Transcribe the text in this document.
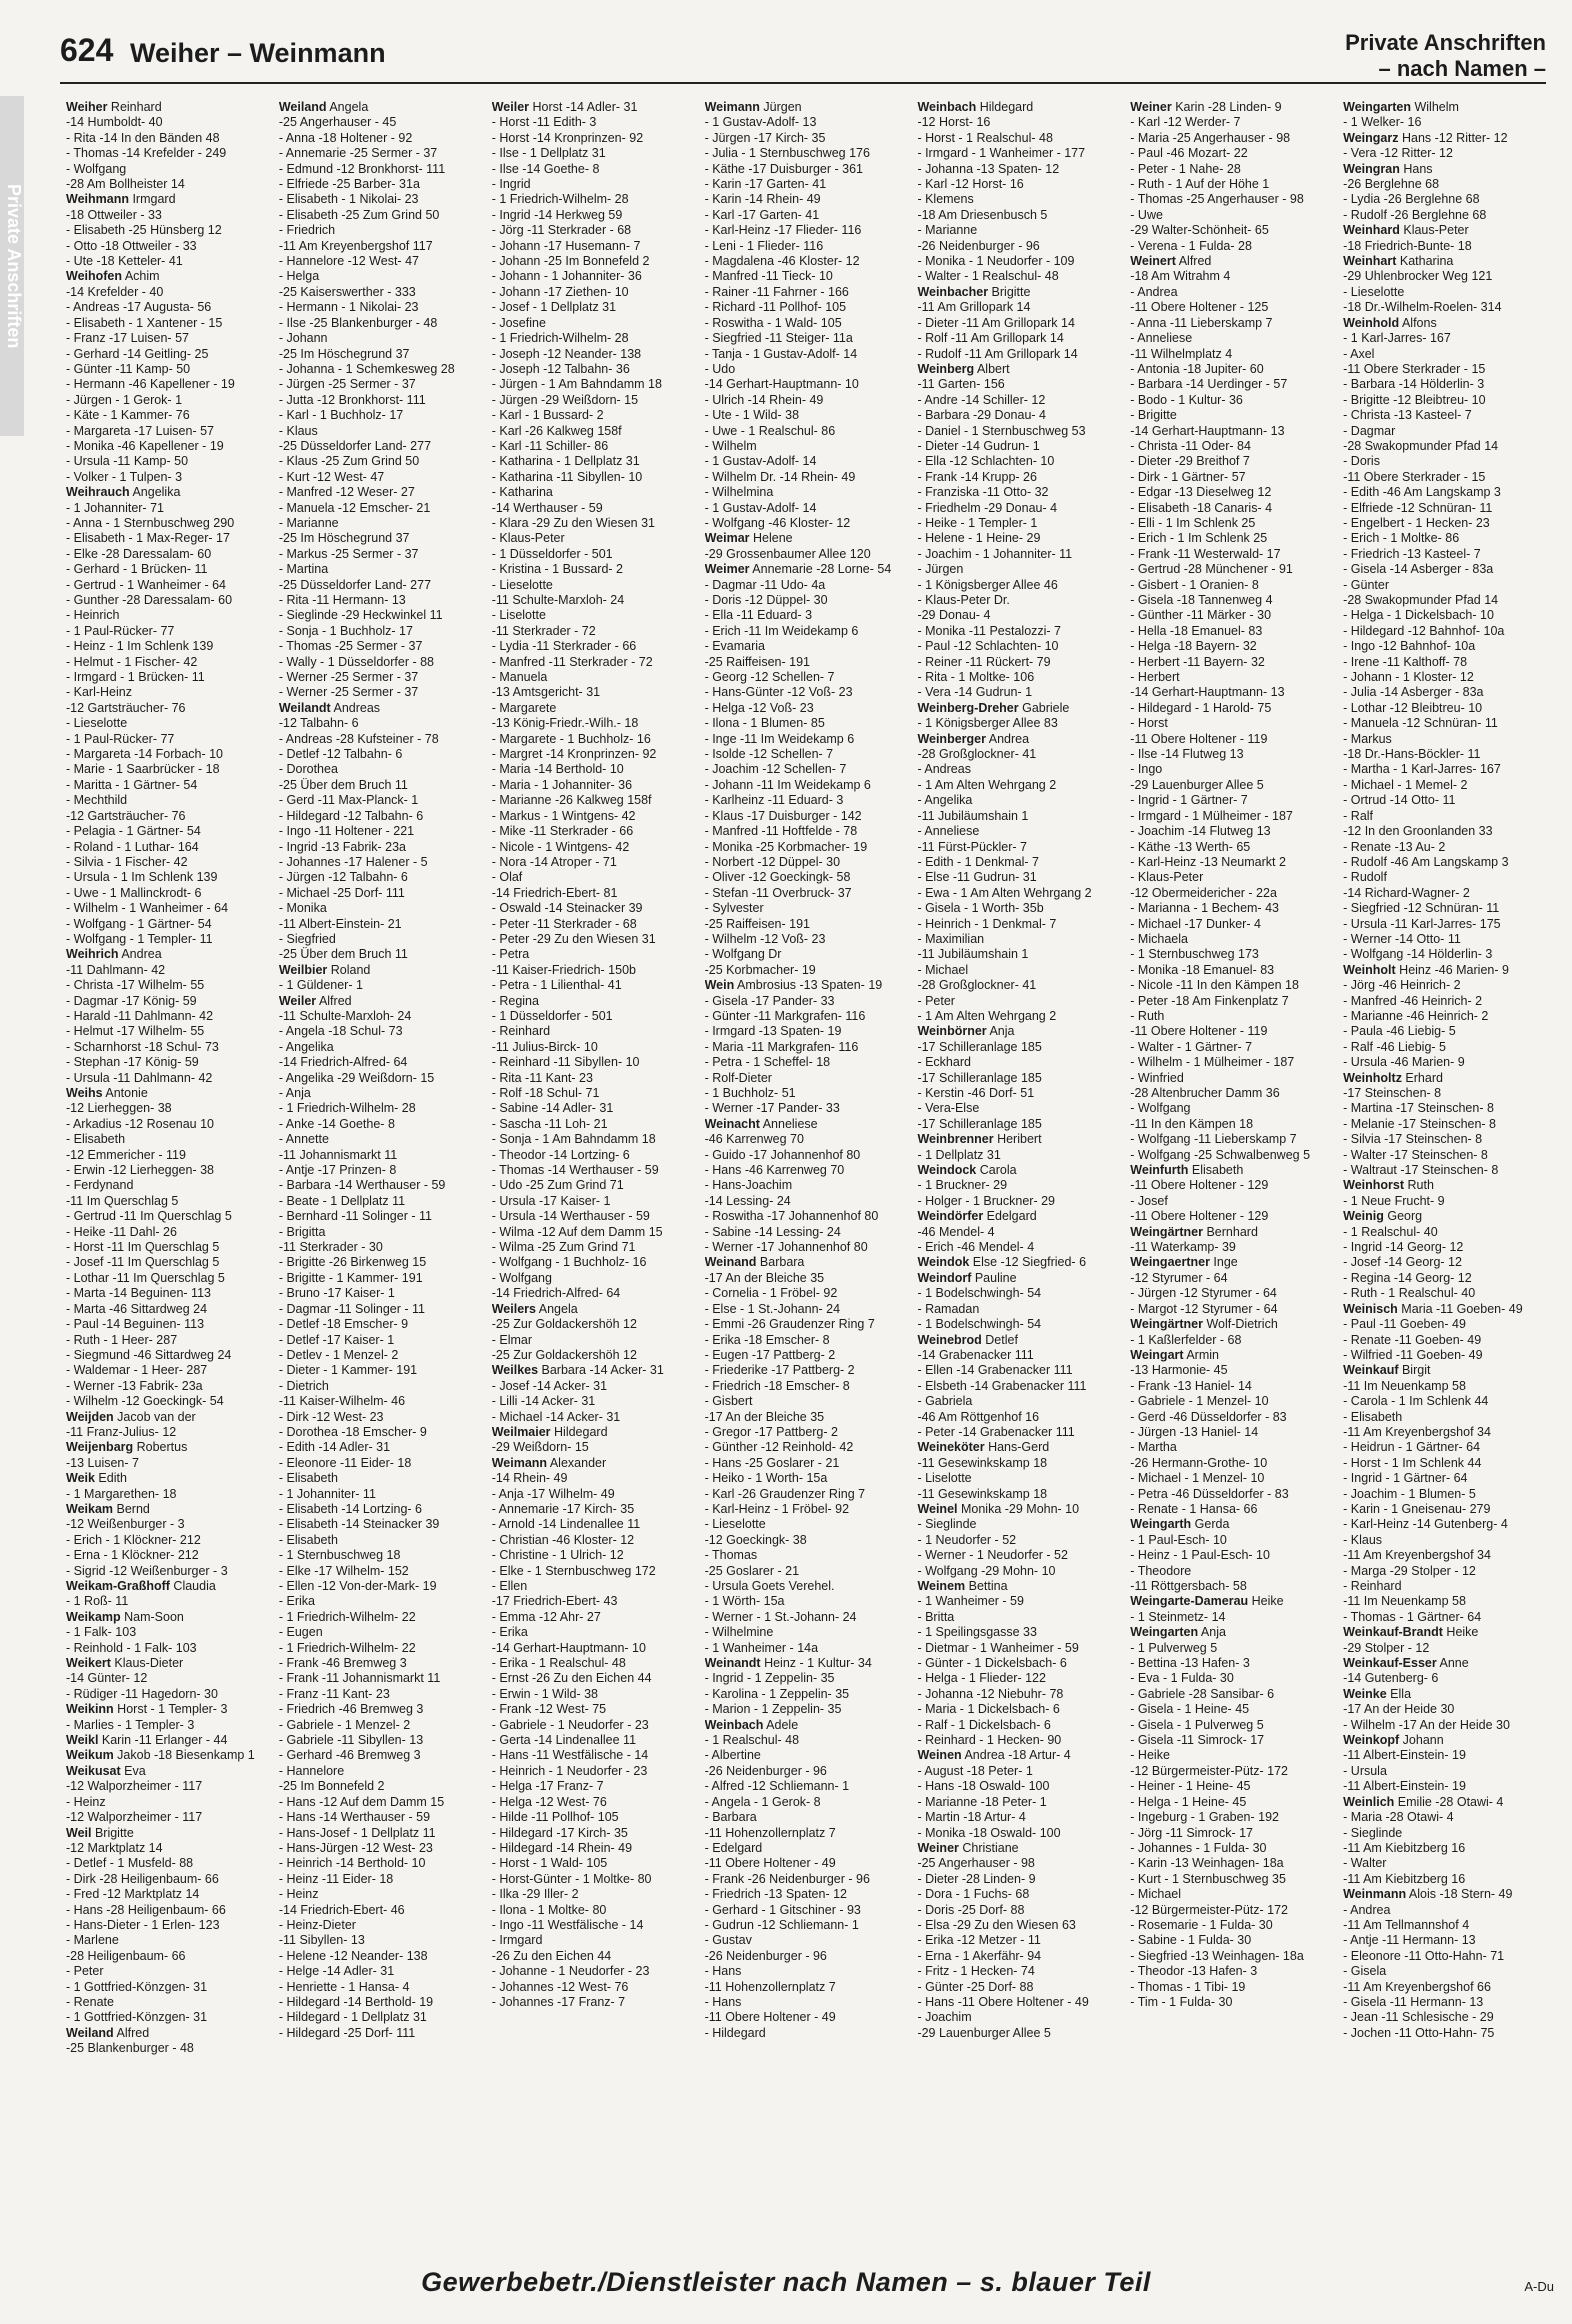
624 Weiher – Weinmann	Private Anschriften
– nach Namen –
Private Anschriften
Weiher Reinhard
-14 Humboldt- 40
- Rita -14 In den Bänden 48
- Thomas -14 Krefelder - 249
- Wolfgang
-28 Am Bollheister 14
Weihmann Irmgard
-18 Ottweiler - 33
- Elisabeth -25 Hünsberg 12
- Otto -18 Ottweiler - 33
- Ute -18 Ketteler- 41
Weihofen Achim
-14 Krefelder - 40
- Andreas -17 Augusta- 56
- Elisabeth - 1 Xantener - 15
- Franz -17 Luisen- 57
- Gerhard -14 Geitling- 25
- Günter -11 Kamp- 50
- Hermann -46 Kapellener - 19
- Jürgen - 1 Gerok- 1
- Käte - 1 Kammer- 76
- Margareta -17 Luisen- 57
- Monika -46 Kapellener - 19
- Ursula -11 Kamp- 50
- Volker - 1 Tulpen- 3
Weihrauch Angelika
- 1 Johanniter- 71
- Anna - 1 Sternbuschweg 290
- Elisabeth - 1 Max-Reger- 17
- Elke -28 Daressalam- 60
- Gerhard - 1 Brücken- 11
- Gertrud - 1 Wanheimer - 64
- Gunther -28 Daressalam- 60
- Heinrich
- 1 Paul-Rücker- 77
- Heinz - 1 Im Schlenk 139
- Helmut - 1 Fischer- 42
- Irmgard - 1 Brücken- 11
- Karl-Heinz
-12 Gartsträucher- 76
- Lieselotte
- 1 Paul-Rücker- 77
- Margareta -14 Forbach- 10
- Marie - 1 Saarbrücker - 18
- Maritta - 1 Gärtner- 54
- Mechthild
-12 Gartsträucher- 76
- Pelagia - 1 Gärtner- 54
- Roland - 1 Luthar- 164
- Silvia - 1 Fischer- 42
- Ursula - 1 Im Schlenk 139
- Uwe - 1 Mallinckrodt- 6
- Wilhelm - 1 Wanheimer - 64
- Wolfgang - 1 Gärtner- 54
- Wolfgang - 1 Templer- 11
Weihrich Andrea
-11 Dahlmann- 42
- Christa -17 Wilhelm- 55
- Dagmar -17 König- 59
- Harald -11 Dahlmann- 42
- Helmut -17 Wilhelm- 55
- Scharnhorst -18 Schul- 73
- Stephan -17 König- 59
- Ursula -11 Dahlmann- 42
Weihs Antonie
-12 Lierheggen- 38
- Arkadius -12 Rosenau 10
- Elisabeth
-12 Emmericher - 119
- Erwin -12 Lierheggen- 38
- Ferdynand
-11 Im Querschlag 5
- Gertrud -11 Im Querschlag 5
- Heike -11 Dahl- 26
- Horst -11 Im Querschlag 5
- Josef -11 Im Querschlag 5
- Lothar -11 Im Querschlag 5
- Marta -14 Beguinen- 113
- Marta -46 Sittardweg 24
- Paul -14 Beguinen- 113
- Ruth - 1 Heer- 287
- Siegmund -46 Sittardweg 24
- Waldemar - 1 Heer- 287
- Werner -13 Fabrik- 23a
- Wilhelm -12 Goeckingk- 54
Weijden Jacob van der
-11 Franz-Julius- 12
Weijenbarg Robertus
-13 Luisen- 7
Weik Edith
- 1 Margarethen- 18
Weikam Bernd
-12 Weißenburger - 3
- Erich - 1 Klöckner- 212
- Erna - 1 Klöckner- 212
- Sigrid -12 Weißenburger - 3
Weikam-Graßhoff Claudia
- 1 Roß- 11
Weikamp Nam-Soon
- 1 Falk- 103
- Reinhold - 1 Falk- 103
Weikert Klaus-Dieter
-14 Günter- 12
- Rüdiger -11 Hagedorn- 30
Weikinn Horst - 1 Templer- 3
- Marlies - 1 Templer- 3
Weikl Karin -11 Erlanger - 44
Weikum Jakob -18 Biesenkamp 1
Weikusat Eva
-12 Walporzheimer - 117
- Heinz
-12 Walporzheimer - 117
Weil Brigitte
-12 Marktplatz 14
- Detlef - 1 Musfeld- 88
- Dirk -28 Heiligenbaum- 66
- Fred -12 Marktplatz 14
- Hans -28 Heiligenbaum- 66
- Hans-Dieter - 1 Erlen- 123
- Marlene
-28 Heiligenbaum- 66
- Peter
- 1 Gottfried-Könzgen- 31
- Renate
- 1 Gottfried-Könzgen- 31
Weiland Alfred
-25 Blankenburger - 48
Weiland Angela
-25 Angerhauser - 45
- Anna -18 Holtener - 92
- Annemarie -25 Sermer - 37
- Edmund -12 Bronkhorst- 111
- Elfriede -25 Barber- 31a
- Elisabeth - 1 Nikolai- 23
- Elisabeth -25 Zum Grind 50
- Friedrich
-11 Am Kreyenbergshof 117
- Hannelore -12 West- 47
- Helga
-25 Kaiserswerther - 333
- Hermann - 1 Nikolai- 23
- Ilse -25 Blankenburger - 48
- Johann
-25 Im Höschegrund 37
- Johanna - 1 Schemkesweg 28
- Jürgen -25 Sermer - 37
- Jutta -12 Bronkhorst- 111
- Karl - 1 Buchholz- 17
- Klaus
-25 Düsseldorfer Land- 277
- Klaus -25 Zum Grind 50
- Kurt -12 West- 47
- Manfred -12 Weser- 27
- Manuela -12 Emscher- 21
- Marianne
-25 Im Höschegrund 37
- Markus -25 Sermer - 37
- Martina
-25 Düsseldorfer Land- 277
- Rita -11 Hermann- 13
- Sieglinde -29 Heckwinkel 11
- Sonja - 1 Buchholz- 17
- Thomas -25 Sermer - 37
- Wally - 1 Düsseldorfer - 88
- Werner -25 Sermer - 37
- Werner -25 Sermer - 37
Weilandt Andreas
-12 Talbahn- 6
- Andreas -28 Kufsteiner - 78
- Detlef -12 Talbahn- 6
- Dorothea
-25 Über dem Bruch 11
- Gerd -11 Max-Planck- 1
- Hildegard -12 Talbahn- 6
- Ingo -11 Holtener - 221
- Ingrid -13 Fabrik- 23a
- Johannes -17 Halener - 5
- Jürgen -12 Talbahn- 6
- Michael -25 Dorf- 111
- Monika
-11 Albert-Einstein- 21
- Siegfried
-25 Über dem Bruch 11
Weilbier Roland
- 1 Güldener- 1
Weiler Alfred
-11 Schulte-Marxloh- 24
- Angela -18 Schul- 73
- Angelika
-14 Friedrich-Alfred- 64
- Angelika -29 Weißdorn- 15
- Anja
- 1 Friedrich-Wilhelm- 28
- Anke -14 Goethe- 8
- Annette
-11 Johannismarkt 11
- Antje -17 Prinzen- 8
- Barbara -14 Werthauser - 59
- Beate - 1 Dellplatz 11
- Bernhard -11 Solinger - 11
- Brigitta
-11 Sterkrader - 30
- Brigitte -26 Birkenweg 15
- Brigitte - 1 Kammer- 191
- Bruno -17 Kaiser- 1
- Dagmar -11 Solinger - 11
- Detlef -18 Emscher- 9
- Detlef -17 Kaiser- 1
- Detlev - 1 Menzel- 2
- Dieter - 1 Kammer- 191
- Dietrich
-11 Kaiser-Wilhelm- 46
- Dirk -12 West- 23
- Dorothea -18 Emscher- 9
- Edith -14 Adler- 31
- Eleonore -11 Eider- 18
- Elisabeth
- 1 Johanniter- 11
- Elisabeth -14 Lortzing- 6
- Elisabeth -14 Steinacker 39
- Elisabeth
- 1 Sternbuschweg 18
- Elke -17 Wilhelm- 152
- Ellen -12 Von-der-Mark- 19
- Erika
- 1 Friedrich-Wilhelm- 22
- Eugen
- 1 Friedrich-Wilhelm- 22
- Frank -46 Bremweg 3
- Frank -11 Johannismarkt 11
- Franz -11 Kant- 23
- Friedrich -46 Bremweg 3
- Gabriele - 1 Menzel- 2
- Gabriele -11 Sibyllen- 13
- Gerhard -46 Bremweg 3
- Hannelore
-25 Im Bonnefeld 2
- Hans -12 Auf dem Damm 15
- Hans -14 Werthauser - 59
- Hans-Josef - 1 Dellplatz 11
- Hans-Jürgen -12 West- 23
- Heinrich -14 Berthold- 10
- Heinz -11 Eider- 18
- Heinz
-14 Friedrich-Ebert- 46
- Heinz-Dieter
-11 Sibyllen- 13
- Helene -12 Neander- 138
- Helge -14 Adler- 31
- Henriette - 1 Hansa- 4
- Hildegard -14 Berthold- 19
- Hildegard - 1 Dellplatz 31
- Hildegard -25 Dorf- 111
Weiler Horst -14 Adler- 31
- Horst -11 Edith- 3
- Horst -14 Kronprinzen- 92
- Ilse - 1 Dellplatz 31
- Ilse -14 Goethe- 8
- Ingrid
- 1 Friedrich-Wilhelm- 28
- Ingrid -14 Herkweg 59
- Jörg -11 Sterkrader - 68
- Johann -17 Husemann- 7
- Johann -25 Im Bonnefeld 2
- Johann - 1 Johanniter- 36
- Johann -17 Ziethen- 10
- Josef - 1 Dellplatz 31
- Josefine
- 1 Friedrich-Wilhelm- 28
- Joseph -12 Neander- 138
- Joseph -12 Talbahn- 36
- Jürgen - 1 Am Bahndamm 18
- Jürgen -29 Weißdorn- 15
- Karl - 1 Bussard- 2
- Karl -26 Kalkweg 158f
- Karl -11 Schiller- 86
- Katharina - 1 Dellplatz 31
- Katharina -11 Sibyllen- 10
- Katharina
-14 Werthauser - 59
- Klara -29 Zu den Wiesen 31
- Klaus-Peter
- 1 Düsseldorfer - 501
- Kristina - 1 Bussard- 2
- Lieselotte
-11 Schulte-Marxloh- 24
- Liselotte
-11 Sterkrader - 72
- Lydia -11 Sterkrader - 66
- Manfred -11 Sterkrader - 72
- Manuela
-13 Amtsgericht- 31
- Margarete
-13 König-Friedr.-Wilh.- 18
- Margarete - 1 Buchholz- 16
- Margret -14 Kronprinzen- 92
- Maria -14 Berthold- 10
- Maria - 1 Johanniter- 36
- Marianne -26 Kalkweg 158f
- Markus - 1 Wintgens- 42
- Mike -11 Sterkrader - 66
- Nicole - 1 Wintgens- 42
- Nora -14 Atroper - 71
- Olaf
-14 Friedrich-Ebert- 81
- Oswald -14 Steinacker 39
- Peter -11 Sterkrader - 68
- Peter -29 Zu den Wiesen 31
- Petra
-11 Kaiser-Friedrich- 150b
- Petra - 1 Lilienthal- 41
- Regina
- 1 Düsseldorfer - 501
- Reinhard
-11 Julius-Birck- 10
- Reinhard -11 Sibyllen- 10
- Rita -11 Kant- 23
- Rolf -18 Schul- 71
- Sabine -14 Adler- 31
- Sascha -11 Loh- 21
- Sonja - 1 Am Bahndamm 18
- Theodor -14 Lortzing- 6
- Thomas -14 Werthauser - 59
- Udo -25 Zum Grind 71
- Ursula -17 Kaiser- 1
- Ursula -14 Werthauser - 59
- Wilma -12 Auf dem Damm 15
- Wilma -25 Zum Grind 71
- Wolfgang - 1 Buchholz- 16
- Wolfgang
-14 Friedrich-Alfred- 64
Weilers Angela
-25 Zur Goldackershöh 12
- Elmar
-25 Zur Goldackershöh 12
Weilkes Barbara -14 Acker- 31
- Josef -14 Acker- 31
- Lilli -14 Acker- 31
- Michael -14 Acker- 31
Weilmaier Hildegard
-29 Weißdorn- 15
Weimann Alexander
-14 Rhein- 49
- Anja -17 Wilhelm- 49
- Annemarie -17 Kirch- 35
- Arnold -14 Lindenallee 11
- Christian -46 Kloster- 12
- Christine - 1 Ulrich- 12
- Elke - 1 Sternbuschweg 172
- Ellen
-17 Friedrich-Ebert- 43
- Emma -12 Ahr- 27
- Erika
-14 Gerhart-Hauptmann- 10
- Erika - 1 Realschul- 48
- Ernst -26 Zu den Eichen 44
- Erwin - 1 Wild- 38
- Frank -12 West- 75
- Gabriele - 1 Neudorfer - 23
- Gerta -14 Lindenallee 11
- Hans -11 Westfälische - 14
- Heinrich - 1 Neudorfer - 23
- Helga -17 Franz- 7
- Helga -12 West- 76
- Hilde -11 Pollhof- 105
- Hildegard -17 Kirch- 35
- Hildegard -14 Rhein- 49
- Horst - 1 Wald- 105
- Horst-Günter - 1 Moltke- 80
- Ilka -29 Iller- 2
- Ilona - 1 Moltke- 80
- Ingo -11 Westfälische - 14
- Irmgard
-26 Zu den Eichen 44
- Johanne - 1 Neudorfer - 23
- Johannes -12 West- 76
- Johannes -17 Franz- 7
Weimann Jürgen
- 1 Gustav-Adolf- 13
- Jürgen -17 Kirch- 35
- Julia - 1 Sternbuschweg 176
- Käthe -17 Duisburger - 361
- Karin -17 Garten- 41
- Karin -14 Rhein- 49
- Karl -17 Garten- 41
- Karl-Heinz -17 Flieder- 116
- Leni - 1 Flieder- 116
- Magdalena -46 Kloster- 12
- Manfred -11 Tieck- 10
- Rainer -11 Fahrner - 166
- Richard -11 Pollhof- 105
- Roswitha - 1 Wald- 105
- Siegfried -11 Steiger- 11a
- Tanja - 1 Gustav-Adolf- 14
- Udo
-14 Gerhart-Hauptmann- 10
- Ulrich -14 Rhein- 49
- Ute - 1 Wild- 38
- Uwe - 1 Realschul- 86
- Wilhelm
- 1 Gustav-Adolf- 14
- Wilhelm Dr. -14 Rhein- 49
- Wilhelmina
- 1 Gustav-Adolf- 14
- Wolfgang -46 Kloster- 12
Weimar Helene
-29 Grossenbaumer Allee 120
Weimer Annemarie -28 Lorne- 54
- Dagmar -11 Udo- 4a
- Doris -12 Düppel- 30
- Ella -11 Eduard- 3
- Erich -11 Im Weidekamp 6
- Evamaria
-25 Raiffeisen- 191
- Georg -12 Schellen- 7
- Hans-Günter -12 Voß- 23
- Helga -12 Voß- 23
- Ilona - 1 Blumen- 85
- Inge -11 Im Weidekamp 6
- Isolde -12 Schellen- 7
- Joachim -12 Schellen- 7
- Johann -11 Im Weidekamp 6
- Karlheinz -11 Eduard- 3
- Klaus -17 Duisburger - 142
- Manfred -11 Hoftfelde - 78
- Monika -25 Korbmacher- 19
- Norbert -12 Düppel- 30
- Oliver -12 Goeckingk- 58
- Stefan -11 Overbruck- 37
- Sylvester
-25 Raiffeisen- 191
- Wilhelm -12 Voß- 23
- Wolfgang Dr
-25 Korbmacher- 19
Wein Ambrosius -13 Spaten- 19
- Gisela -17 Pander- 33
- Günter -11 Markgrafen- 116
- Irmgard -13 Spaten- 19
- Maria -11 Markgrafen- 116
- Petra - 1 Scheffel- 18
- Rolf-Dieter
- 1 Buchholz- 51
- Werner -17 Pander- 33
Weinacht Anneliese
-46 Karrenweg 70
- Guido -17 Johannenhof 80
- Hans -46 Karrenweg 70
- Hans-Joachim
-14 Lessing- 24
- Roswitha -17 Johannenhof 80
- Sabine -14 Lessing- 24
- Werner -17 Johannenhof 80
Weinand Barbara
-17 An der Bleiche 35
- Cornelia - 1 Fröbel- 92
- Else - 1 St.-Johann- 24
- Emmi -26 Graudenzer Ring 7
- Erika -18 Emscher- 8
- Eugen -17 Pattberg- 2
- Friederike -17 Pattberg- 2
- Friedrich -18 Emscher- 8
- Gisbert
-17 An der Bleiche 35
- Gregor -17 Pattberg- 2
- Günther -12 Reinhold- 42
- Hans -25 Goslarer - 21
- Heiko - 1 Worth- 15a
- Karl -26 Graudenzer Ring 7
- Karl-Heinz - 1 Fröbel- 92
- Lieselotte
-12 Goeckingk- 38
- Thomas
-25 Goslarer - 21
- Ursula Goets Verehel.
- 1 Wörth- 15a
- Werner - 1 St.-Johann- 24
- Wilhelmine
- 1 Wanheimer - 14a
Weinandt Heinz - 1 Kultur- 34
- Ingrid - 1 Zeppelin- 35
- Karolina - 1 Zeppelin- 35
- Marion - 1 Zeppelin- 35
Weinbach Adele
- 1 Realschul- 48
- Albertine
-26 Neidenburger - 96
- Alfred -12 Schliemann- 1
- Angela - 1 Gerok- 8
- Barbara
-11 Hohenzollernplatz 7
- Edelgard
-11 Obere Holtener - 49
- Frank -26 Neidenburger - 96
- Friedrich -13 Spaten- 12
- Gerhard - 1 Gitschiner - 93
- Gudrun -12 Schliemann- 1
- Gustav
-26 Neidenburger - 96
- Hans
-11 Hohenzollernplatz 7
- Hans
-11 Obere Holtener - 49
- Hildegard
Weinbach Hildegard
-12 Horst- 16
- Horst - 1 Realschul- 48
- Irmgard - 1 Wanheimer - 177
- Johanna -13 Spaten- 12
- Karl -12 Horst- 16
- Klemens
-18 Am Driesenbusch 5
- Marianne
-26 Neidenburger - 96
- Monika - 1 Neudorfer - 109
- Walter - 1 Realschul- 48
Weinbacher Brigitte
-11 Am Grillopark 14
- Dieter -11 Am Grillopark 14
- Rolf -11 Am Grillopark 14
- Rudolf -11 Am Grillopark 14
Weinberg Albert
-11 Garten- 156
- Andre -14 Schiller- 12
- Barbara -29 Donau- 4
- Daniel - 1 Sternbuschweg 53
- Dieter -14 Gudrun- 1
- Ella -12 Schlachten- 10
- Frank -14 Krupp- 26
- Franziska -11 Otto- 32
- Friedhelm -29 Donau- 4
- Heike - 1 Templer- 1
- Helene - 1 Heine- 29
- Joachim - 1 Johanniter- 11
- Jürgen
- 1 Königsberger Allee 46
- Klaus-Peter Dr.
-29 Donau- 4
- Monika -11 Pestalozzi- 7
- Paul -12 Schlachten- 10
- Reiner -11 Rückert- 79
- Rita - 1 Moltke- 106
- Vera -14 Gudrun- 1
Weinberg-Dreher Gabriele
- 1 Königsberger Allee 83
Weinberger Andrea
-28 Großglockner- 41
- Andreas
- 1 Am Alten Wehrgang 2
- Angelika
-11 Jubiläumshain 1
- Anneliese
-11 Fürst-Pückler- 7
- Edith - 1 Denkmal- 7
- Else -11 Gudrun- 31
- Ewa - 1 Am Alten Wehrgang 2
- Gisela - 1 Worth- 35b
- Heinrich - 1 Denkmal- 7
- Maximilian
-11 Jubiläumshain 1
- Michael
-28 Großglockner- 41
- Peter
- 1 Am Alten Wehrgang 2
Weinbörner Anja
-17 Schilleranlage 185
- Eckhard
-17 Schilleranlage 185
- Kerstin -46 Dorf- 51
- Vera-Else
-17 Schilleranlage 185
Weinbrenner Heribert
- 1 Dellplatz 31
Weindock Carola
- 1 Bruckner- 29
- Holger - 1 Bruckner- 29
Weindörfer Edelgard
-46 Mendel- 4
- Erich -46 Mendel- 4
Weindok Else -12 Siegfried- 6
Weindorf Pauline
- 1 Bodelschwingh- 54
- Ramadan
- 1 Bodelschwingh- 54
Weinebrod Detlef
-14 Grabenacker 111
- Ellen -14 Grabenacker 111
- Elsbeth -14 Grabenacker 111
- Gabriela
-46 Am Röttgenhof 16
- Peter -14 Grabenacker 111
Weineköter Hans-Gerd
-11 Gesewinkskamp 18
- Liselotte
-11 Gesewinkskamp 18
Weinel Monika -29 Mohn- 10
- Sieglinde
- 1 Neudorfer - 52
- Werner - 1 Neudorfer - 52
- Wolfgang -29 Mohn- 10
Weinem Bettina
- 1 Wanheimer - 59
- Britta
- 1 Speilingsgasse 33
- Dietmar - 1 Wanheimer - 59
- Günter - 1 Dickelsbach- 6
- Helga - 1 Flieder- 122
- Johanna -12 Niebuhr- 78
- Maria - 1 Dickelsbach- 6
- Ralf - 1 Dickelsbach- 6
- Reinhard - 1 Hecken- 90
Weinen Andrea -18 Artur- 4
- August -18 Peter- 1
- Hans -18 Oswald- 100
- Marianne -18 Peter- 1
- Martin -18 Artur- 4
- Monika -18 Oswald- 100
Weiner Christiane
-25 Angerhauser - 98
- Dieter -28 Linden- 9
- Dora - 1 Fuchs- 68
- Doris -25 Dorf- 88
- Elsa -29 Zu den Wiesen 63
- Erika -12 Metzer - 11
- Erna - 1 Akerfähr- 94
- Fritz - 1 Hecken- 74
- Günter -25 Dorf- 88
- Hans -11 Obere Holtener - 49
- Joachim
-29 Lauenburger Allee 5
Weiner Karin -28 Linden- 9
- Karl -12 Werder- 7
- Maria -25 Angerhauser - 98
- Paul -46 Mozart- 22
- Peter - 1 Nahe- 28
- Ruth - 1 Auf der Höhe 1
- Thomas -25 Angerhauser - 98
- Uwe
-29 Walter-Schönheit- 65
- Verena - 1 Fulda- 28
Weinert Alfred
-18 Am Witrahm 4
- Andrea
-11 Obere Holtener - 125
- Anna -11 Lieberskamp 7
- Anneliese
-11 Wilhelmplatz 4
- Antonia -18 Jupiter- 60
- Barbara -14 Uerdinger - 57
- Bodo - 1 Kultur- 36
- Brigitte
-14 Gerhart-Hauptmann- 13
- Christa -11 Oder- 84
- Dieter -29 Breithof 7
- Dirk - 1 Gärtner- 57
- Edgar -13 Dieselweg 12
- Elisabeth -18 Canaris- 4
- Elli - 1 Im Schlenk 25
- Erich - 1 Im Schlenk 25
- Frank -11 Westerwald- 17
- Gertrud -28 Münchener - 91
- Gisbert - 1 Oranien- 8
- Gisela -18 Tannenweg 4
- Günther -11 Märker - 30
- Hella -18 Emanuel- 83
- Helga -18 Bayern- 32
- Herbert -11 Bayern- 32
- Herbert
-14 Gerhart-Hauptmann- 13
- Hildegard - 1 Harold- 75
- Horst
-11 Obere Holtener - 119
- Ilse -14 Flutweg 13
- Ingo
-29 Lauenburger Allee 5
- Ingrid - 1 Gärtner- 7
- Irmgard - 1 Mülheimer - 187
- Joachim -14 Flutweg 13
- Käthe -13 Werth- 65
- Karl-Heinz -13 Neumarkt 2
- Klaus-Peter
-12 Obermeidericher - 22a
- Marianna - 1 Bechem- 43
- Michael -17 Dunker- 4
- Michaela
- 1 Sternbuschweg 173
- Monika -18 Emanuel- 83
- Nicole -11 In den Kämpen 18
- Peter -18 Am Finkenplatz 7
- Ruth
-11 Obere Holtener - 119
- Walter - 1 Gärtner- 7
- Wilhelm - 1 Mülheimer - 187
- Winfried
-28 Altenbrucher Damm 36
- Wolfgang
-11 In den Kämpen 18
- Wolfgang -11 Lieberskamp 7
- Wolfgang -25 Schwalbenweg 5
Weinfurth Elisabeth
-11 Obere Holtener - 129
- Josef
-11 Obere Holtener - 129
Weingärtner Bernhard
-11 Waterkamp- 39
Weingaertner Inge
-12 Styrumer - 64
- Jürgen -12 Styrumer - 64
- Margot -12 Styrumer - 64
Weingärtner Wolf-Dietrich
- 1 Kaßlerfelder - 68
Weingart Armin
-13 Harmonie- 45
- Frank -13 Haniel- 14
- Gabriele - 1 Menzel- 10
- Gerd -46 Düsseldorfer - 83
- Jürgen -13 Haniel- 14
- Martha
-26 Hermann-Grothe- 10
- Michael - 1 Menzel- 10
- Petra -46 Düsseldorfer - 83
- Renate - 1 Hansa- 66
Weingarth Gerda
- 1 Paul-Esch- 10
- Heinz - 1 Paul-Esch- 10
- Theodore
-11 Röttgersbach- 58
Weingarte-Damerau Heike
- 1 Steinmetz- 14
Weingarten Anja
- 1 Pulverweg 5
- Bettina -13 Hafen- 3
- Eva - 1 Fulda- 30
- Gabriele -28 Sansibar- 6
- Gisela - 1 Heine- 45
- Gisela - 1 Pulverweg 5
- Gisela -11 Simrock- 17
- Heike
-12 Bürgermeister-Pütz- 172
- Heiner - 1 Heine- 45
- Helga - 1 Heine- 45
- Ingeburg - 1 Graben- 192
- Jörg -11 Simrock- 17
- Johannes - 1 Fulda- 30
- Karin -13 Weinhagen- 18a
- Kurt - 1 Sternbuschweg 35
- Michael
-12 Bürgermeister-Pütz- 172
- Rosemarie - 1 Fulda- 30
- Sabine - 1 Fulda- 30
- Siegfried -13 Weinhagen- 18a
- Theodor -13 Hafen- 3
- Thomas - 1 Tibi- 19
- Tim - 1 Fulda- 30
Weingarten Wilhelm
- 1 Welker- 16
Weingarz Hans -12 Ritter- 12
- Vera -12 Ritter- 12
Weingran Hans
-26 Berglehne 68
- Lydia -26 Berglehne 68
- Rudolf -26 Berglehne 68
Weinhard Klaus-Peter
-18 Friedrich-Bunte- 18
Weinhart Katharina
-29 Uhlenbrocker Weg 121
- Lieselotte
-18 Dr.-Wilhelm-Roelen- 314
Weinhold Alfons
- 1 Karl-Jarres- 167
- Axel
-11 Obere Sterkrader - 15
- Barbara -14 Hölderlin- 3
- Brigitte -12 Bleibtreu- 10
- Christa -13 Kasteel- 7
- Dagmar
-28 Swakopmunder Pfad 14
- Doris
-11 Obere Sterkrader - 15
- Edith -46 Am Langskamp 3
- Elfriede -12 Schnüran- 11
- Engelbert - 1 Hecken- 23
- Erich - 1 Moltke- 86
- Friedrich -13 Kasteel- 7
- Gisela -14 Asberger - 83a
- Günter
-28 Swakopmunder Pfad 14
- Helga - 1 Dickelsbach- 10
- Hildegard -12 Bahnhof- 10a
- Ingo -12 Bahnhof- 10a
- Irene -11 Kalthoff- 78
- Johann - 1 Kloster- 12
- Julia -14 Asberger - 83a
- Lothar -12 Bleibtreu- 10
- Manuela -12 Schnüran- 11
- Markus
-18 Dr.-Hans-Böckler- 11
- Martha - 1 Karl-Jarres- 167
- Michael - 1 Memel- 2
- Ortrud -14 Otto- 11
- Ralf
-12 In den Groonlanden 33
- Renate -13 Au- 2
- Rudolf -46 Am Langskamp 3
- Rudolf
-14 Richard-Wagner- 2
- Siegfried -12 Schnüran- 11
- Ursula -11 Karl-Jarres- 175
- Werner -14 Otto- 11
- Wolfgang -14 Hölderlin- 3
Weinholt Heinz -46 Marien- 9
- Jörg -46 Heinrich- 2
- Manfred -46 Heinrich- 2
- Marianne -46 Heinrich- 2
- Paula -46 Liebig- 5
- Ralf -46 Liebig- 5
- Ursula -46 Marien- 9
Weinholtz Erhard
-17 Steinschen- 8
- Martina -17 Steinschen- 8
- Melanie -17 Steinschen- 8
- Silvia -17 Steinschen- 8
- Walter -17 Steinschen- 8
- Waltraut -17 Steinschen- 8
Weinhorst Ruth
- 1 Neue Frucht- 9
Weinig Georg
- 1 Realschul- 40
- Ingrid -14 Georg- 12
- Josef -14 Georg- 12
- Regina -14 Georg- 12
- Ruth - 1 Realschul- 40
Weinisch Maria -11 Goeben- 49
- Paul -11 Goeben- 49
- Renate -11 Goeben- 49
- Wilfried -11 Goeben- 49
Weinkauf Birgit
-11 Im Neuenkamp 58
- Carola - 1 Im Schlenk 44
- Elisabeth
-11 Am Kreyenbergshof 34
- Heidrun - 1 Gärtner- 64
- Horst - 1 Im Schlenk 44
- Ingrid - 1 Gärtner- 64
- Joachim - 1 Blumen- 5
- Karin - 1 Gneisenau- 279
- Karl-Heinz -14 Gutenberg- 4
- Klaus
-11 Am Kreyenbergshof 34
- Marga -29 Stolper - 12
- Reinhard
-11 Im Neuenkamp 58
- Thomas - 1 Gärtner- 64
Weinkauf-Brandt Heike
-29 Stolper - 12
Weinkauf-Esser Anne
-14 Gutenberg- 6
Weinke Ella
-17 An der Heide 30
- Wilhelm -17 An der Heide 30
Weinkopf Johann
-11 Albert-Einstein- 19
- Ursula
-11 Albert-Einstein- 19
Weinlich Emilie -28 Otawi- 4
- Maria -28 Otawi- 4
- Sieglinde
-11 Am Kiebitzberg 16
- Walter
-11 Am Kiebitzberg 16
Weinmann Alois -18 Stern- 49
- Andrea
-11 Am Tellmannshof 4
- Antje -11 Hermann- 13
- Eleonore -11 Otto-Hahn- 71
- Gisela
-11 Am Kreyenbergshof 66
- Gisela -11 Hermann- 13
- Jean -11 Schlesische - 29
- Jochen -11 Otto-Hahn- 75
Gewerbebetr./Dienstleister nach Namen – s. blauer Teil	A-Du
